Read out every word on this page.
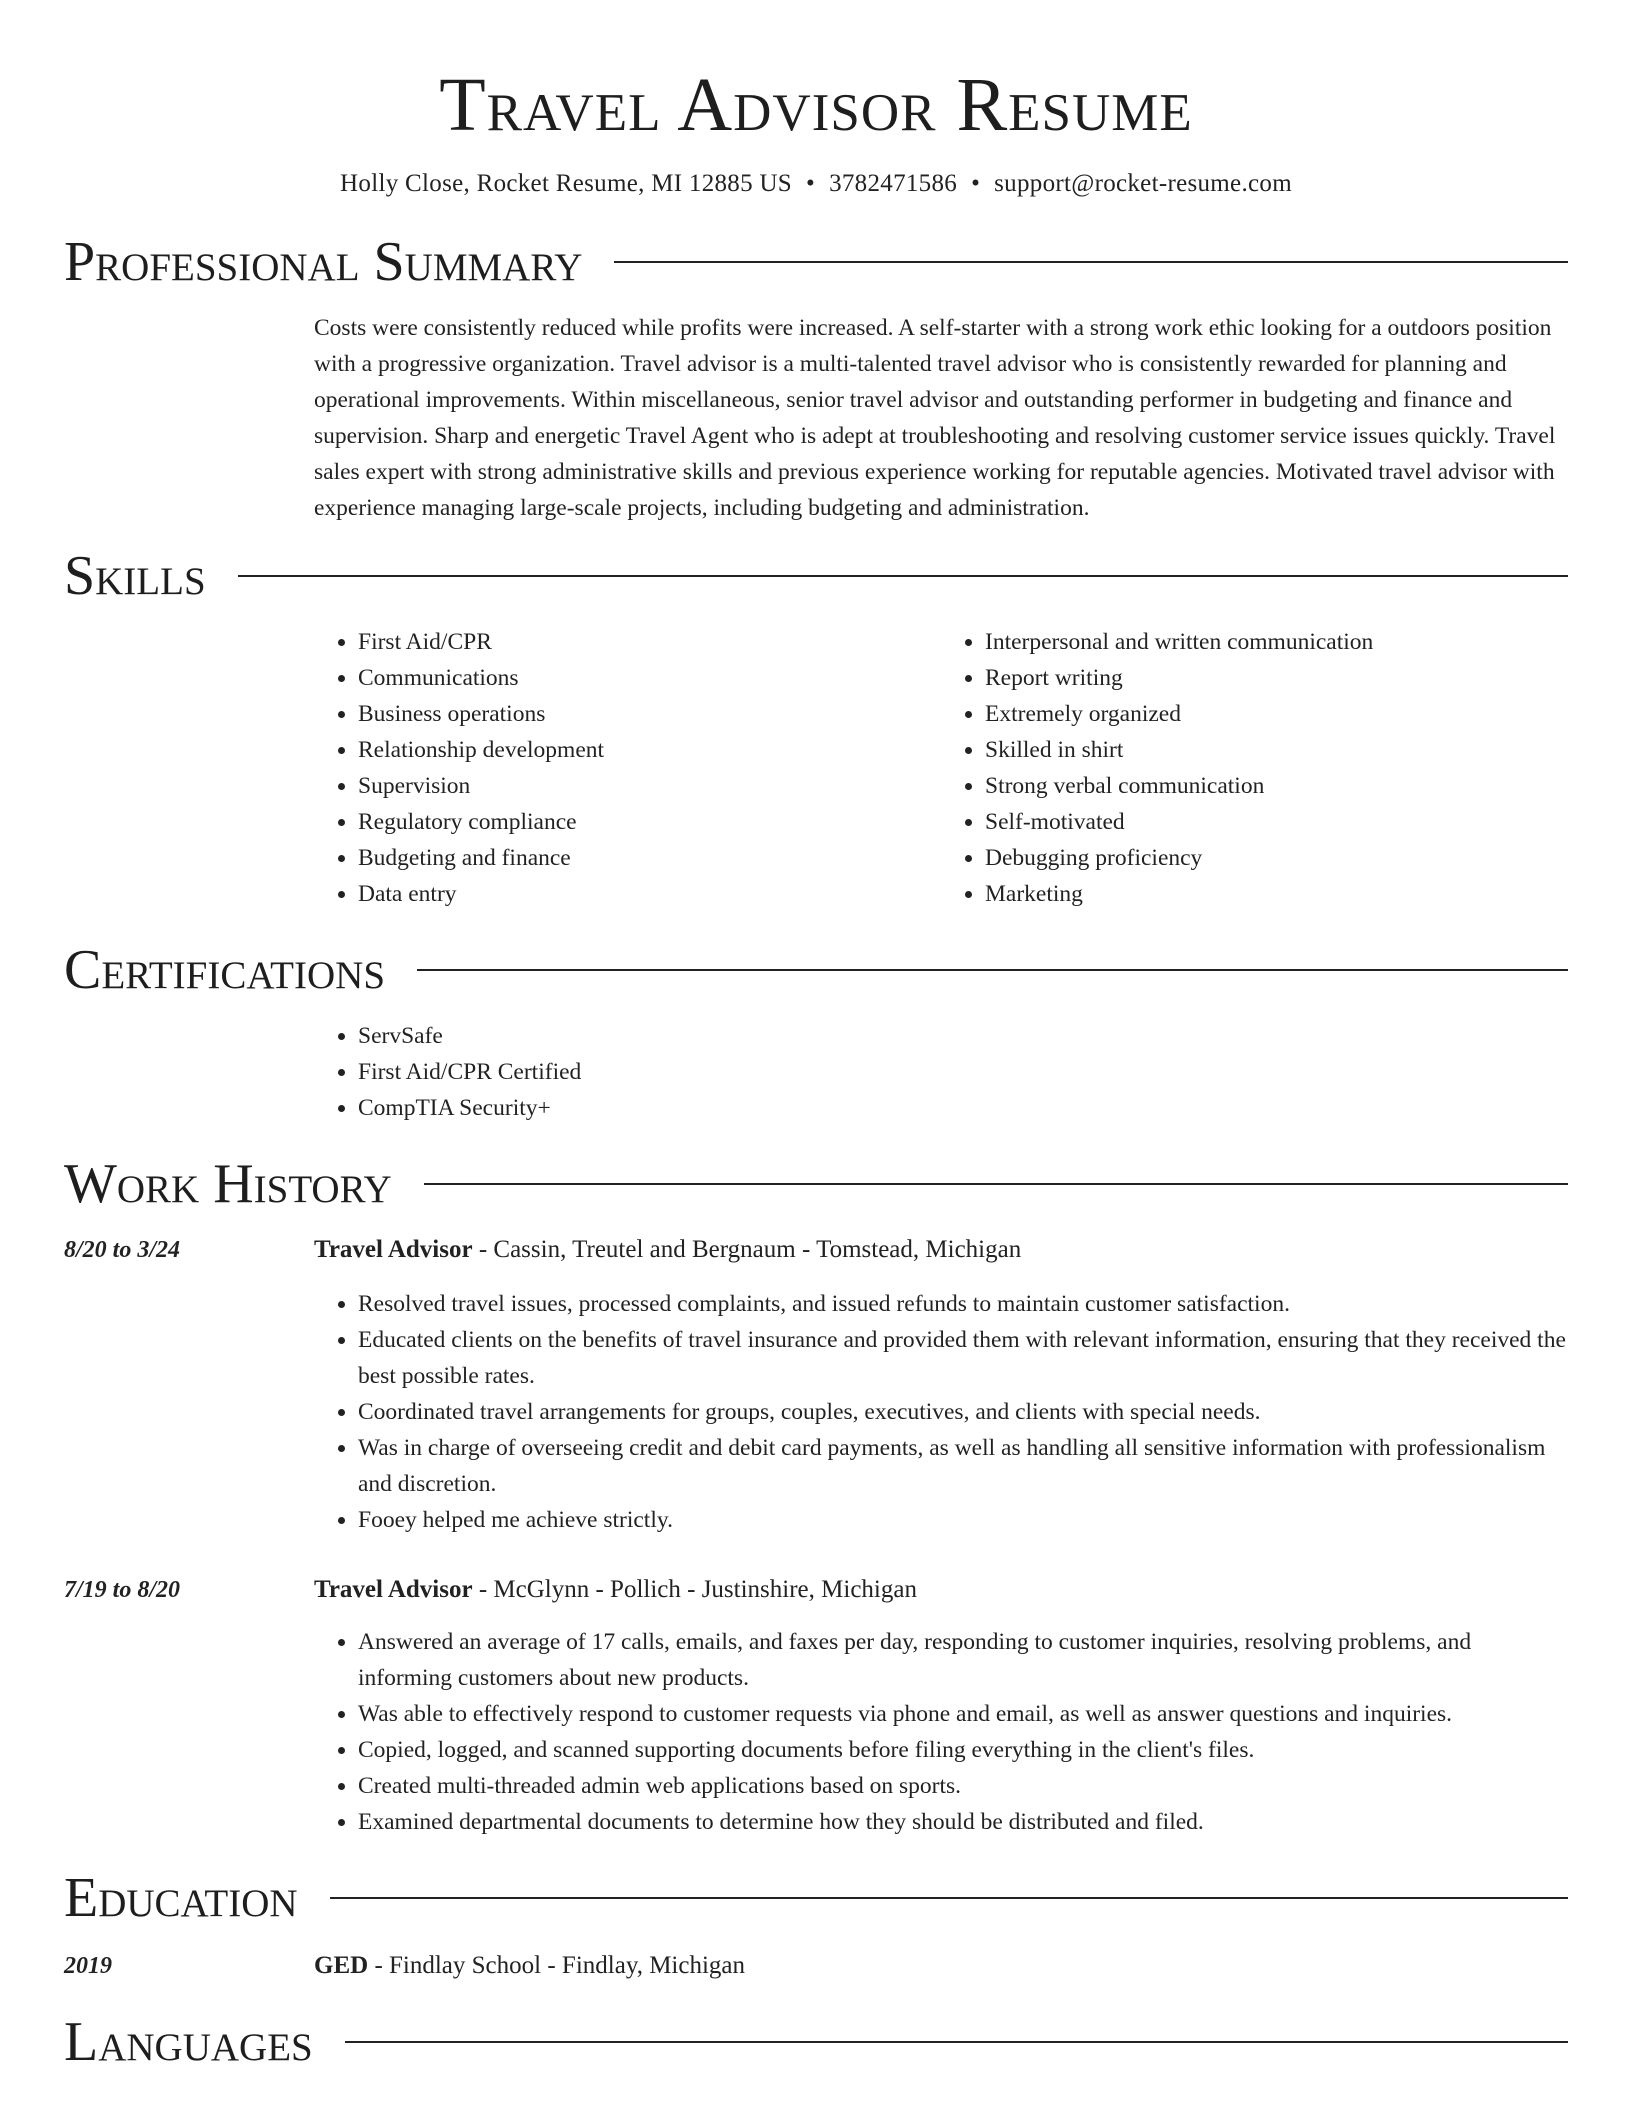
Travel Advisor Resume
Holly Close, Rocket Resume, MI 12885 US • 3782471586 • support@rocket-resume.com
Professional Summary
Costs were consistently reduced while profits were increased. A self-starter with a strong work ethic looking for a outdoors position with a progressive organization. Travel advisor is a multi-talented travel advisor who is consistently rewarded for planning and operational improvements. Within miscellaneous, senior travel advisor and outstanding performer in budgeting and finance and supervision. Sharp and energetic Travel Agent who is adept at troubleshooting and resolving customer service issues quickly. Travel sales expert with strong administrative skills and previous experience working for reputable agencies. Motivated travel advisor with experience managing large-scale projects, including budgeting and administration.
Skills
• First Aid/CPR
• Communications
• Business operations
• Relationship development
• Supervision
• Regulatory compliance
• Budgeting and finance
• Data entry
• Interpersonal and written communication
• Report writing
• Extremely organized
• Skilled in shirt
• Strong verbal communication
• Self-motivated
• Debugging proficiency
• Marketing
Certifications
• ServSafe
• First Aid/CPR Certified
• CompTIA Security+
Work History
8/20 to 3/24	Travel Advisor - Cassin, Treutel and Bergnaum - Tomstead, Michigan
• Resolved travel issues, processed complaints, and issued refunds to maintain customer satisfaction.
• Educated clients on the benefits of travel insurance and provided them with relevant information, ensuring that they received the best possible rates.
• Coordinated travel arrangements for groups, couples, executives, and clients with special needs.
• Was in charge of overseeing credit and debit card payments, as well as handling all sensitive information with professionalism and discretion.
• Fooey helped me achieve strictly.
7/19 to 8/20	Travel Advisor - McGlynn - Pollich - Justinshire, Michigan
• Answered an average of 17 calls, emails, and faxes per day, responding to customer inquiries, resolving problems, and informing customers about new products.
• Was able to effectively respond to customer requests via phone and email, as well as answer questions and inquiries.
• Copied, logged, and scanned supporting documents before filing everything in the client's files.
• Created multi-threaded admin web applications based on sports.
• Examined departmental documents to determine how they should be distributed and filed.
Education
2019	GED - Findlay School - Findlay, Michigan
Languages
